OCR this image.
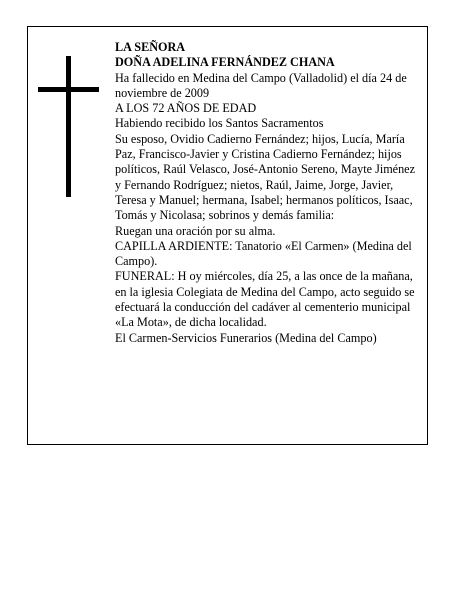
LA SEÑORA

DOÑA ADELINA FERNÁNDEZ CHANA

Ha fallecido en Medina del Campo (Valladolid) el día 24 de noviembre de 2009

A LOS 72 AÑOS DE EDAD

Habiendo recibido los Santos Sacramentos

Su esposo, Ovidio Cadierno Fernández; hijos, Lucía, María Paz, Francisco-Javier y Cristina Cadierno Fernández; hijos políticos, Raúl Velasco, José-Antonio Sereno, Mayte Jiménez y Fernando Rodríguez; nietos, Raúl, Jaime, Jorge, Javier, Teresa y Manuel; hermana, Isabel; hermanos políticos, Isaac, Tomás y Nicolasa; sobrinos y demás familia:

Ruegan una oración por su alma.

CAPILLA ARDIENTE: Tanatorio «El Carmen» (Medina del Campo).

FUNERAL: H oy miércoles, día 25, a las once de la mañana, en la iglesia Colegiata de Medina del Campo, acto seguido se efectuará la conducción del cadáver al cementerio municipal «La Mota», de dicha localidad.

El Carmen-Servicios Funerarios (Medina del Campo)
